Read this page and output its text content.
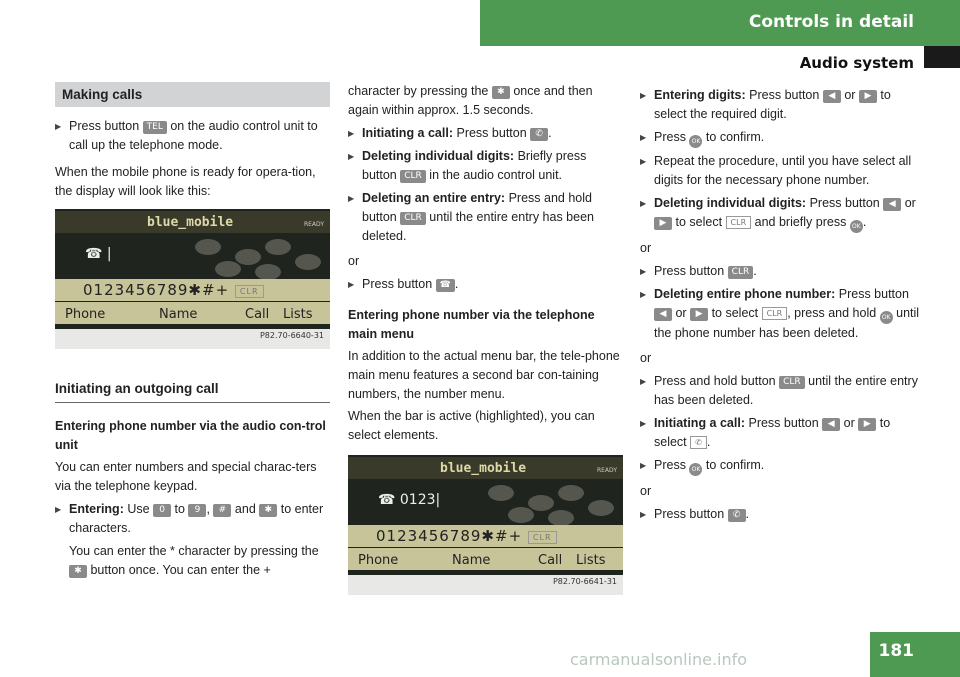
Controls in detail
Audio system
Making calls
▶ Press button TEL on the audio control unit to call up the telephone mode.

When the mobile phone is ready for opera-tion, the display will look like this:

blue_mobile	READY
☎ |
0123456789✱#+ CLR
Phone	Name	Call Lists
P82.70-6640-31
Initiating an outgoing call

Entering phone number via the audio con-trol unit

You can enter numbers and special charac-ters via the telephone keypad.

▶ Entering: Use 0 to 9 , # and ✱ to enter characters.
You can enter the * character by pressing the ✱ button once. You can enter the +

character by pressing the ✱ once and then again within approx. 1.5 seconds.

▶ Initiating a call: Press button ✆ .
▶ Deleting individual digits: Briefly press button CLR in the audio control unit.
▶ Deleting an entire entry: Press and hold button CLR until the entire entry has been deleted.

or

▶ Press button ☎ .

Entering phone number via the telephone main menu

In addition to the actual menu bar, the tele-phone main menu features a second bar con-taining numbers, the number menu.

When the bar is active (highlighted), you can select elements.

blue_mobile	READY
☎ 0123|
0123456789✱#+ CLR
Phone	Name	Call Lists
P82.70-6641-31
▶ Entering digits: Press button ◀ or ▶ to select the required digit.
▶ Press OK to confirm.
▶ Repeat the procedure, until you have select all digits for the necessary phone number.
▶ Deleting individual digits: Press button ◀ or ▶ to select CLR and briefly press OK .

or

▶ Press button CLR .
▶ Deleting entire phone number: Press button ◀ or ▶ to select CLR , press and hold OK until the phone number has been deleted.

or

▶ Press and hold button CLR until the entire entry has been deleted.
▶ Initiating a call: Press button ◀ or ▶ to select ✆ .
▶ Press OK to confirm.

or

▶ Press button ✆ .
carmanualsonline.info	181
